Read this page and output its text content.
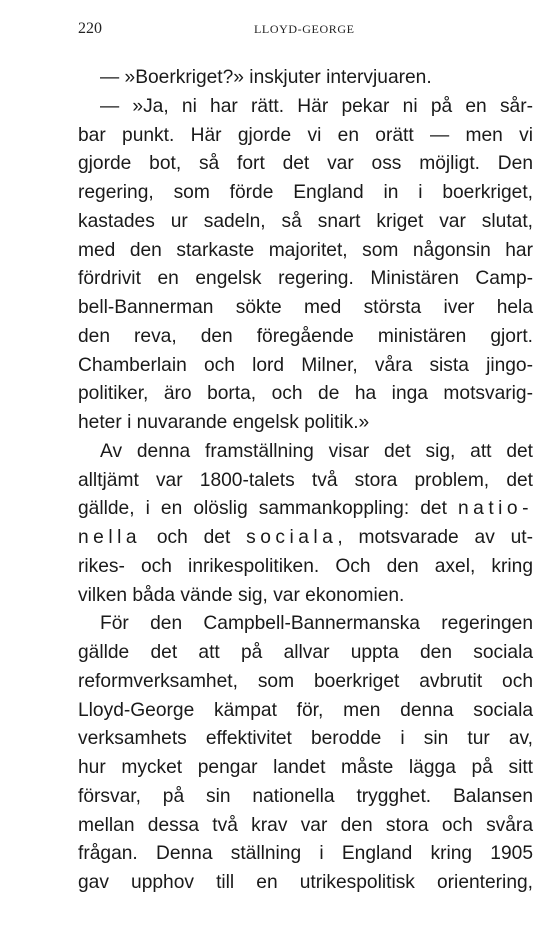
220	LLOYD-GEORGE
— »Boerkriget?» inskjuter intervjuaren.
— »Ja, ni har rätt. Här pekar ni på en sår-
bar punkt. Här gjorde vi en orätt — men vi
gjorde bot, så fort det var oss möjligt. Den
regering, som förde England in i boerkriget,
kastades ur sadeln, så snart kriget var slutat,
med den starkaste majoritet, som någonsin har
fördrivit en engelsk regering. Ministären Camp-
bell-Bannerman sökte med största iver hela
den reva, den föregående ministären gjort.
Chamberlain och lord Milner, våra sista jingo-
politiker, äro borta, och de ha inga motsvarig-
heter i nuvarande engelsk politik.»
Av denna framställning visar det sig, att det
alltjämt var 1800-talets två stora problem, det
gällde, i en olöslig sammankoppling: det natio-
nella och det sociala, motsvarade av ut-
rikes- och inrikespolitiken. Och den axel, kring
vilken båda vände sig, var ekonomien.
För den Campbell-Bannermanska regeringen
gällde det att på allvar uppta den sociala
reformverksamhet, som boerkriget avbrutit och
Lloyd-George kämpat för, men denna sociala
verksamhets effektivitet berodde i sin tur av,
hur mycket pengar landet måste lägga på sitt
försvar, på sin nationella trygghet. Balansen
mellan dessa två krav var den stora och svåra
frågan. Denna ställning i England kring 1905
gav upphov till en utrikespolitisk orientering,
